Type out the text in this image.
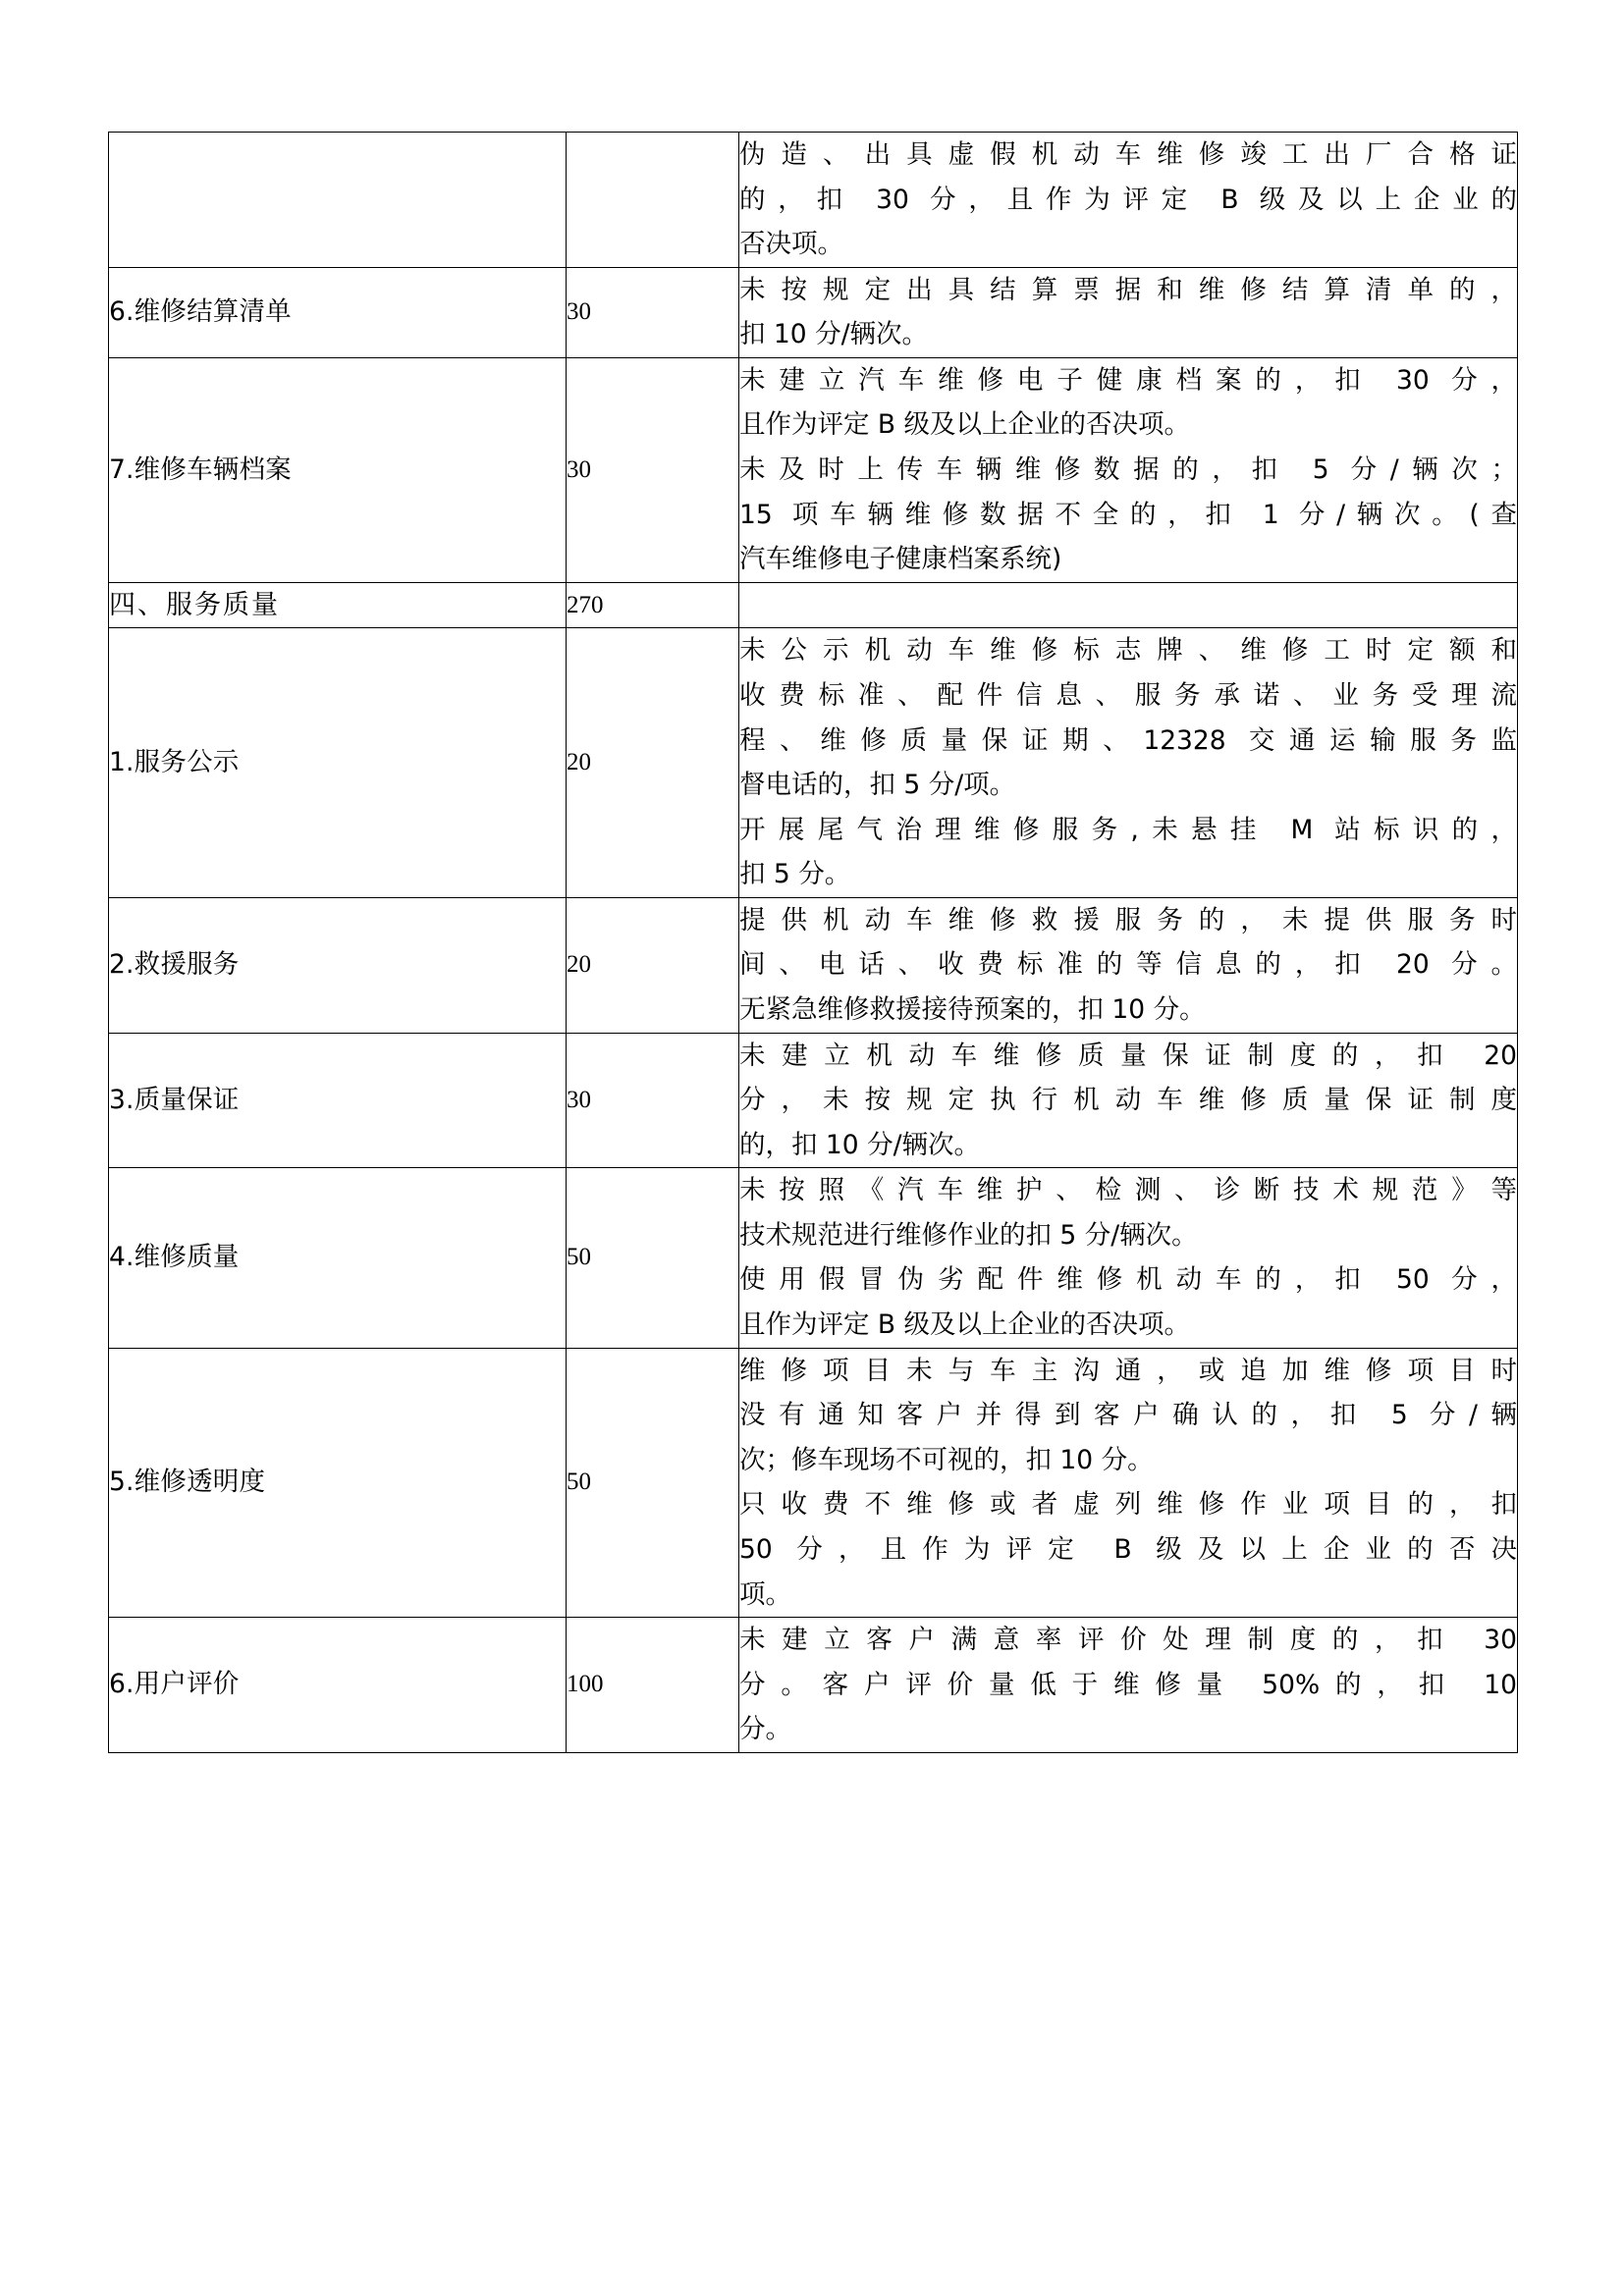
		伪造、出具虚假机动车维修竣工出厂合格证

的，扣 30 分，且作为评定 B 级及以上企业的

否决项。

6.维修结算清单	30	未按规定出具结算票据和维修结算清单的，

扣 10 分/辆次。

7.维修车辆档案	30	未建立汽车维修电子健康档案的，扣 30 分，

且作为评定 B 级及以上企业的否决项。

未及时上传车辆维修数据的，扣 5 分/辆次；

15 项车辆维修数据不全的，扣 1 分/辆次。(查

汽车维修电子健康档案系统)

四、服务质量	270	
1.服务公示	20	

未公示机动车维修标志牌、维修工时定额和

收费标准、配件信息、服务承诺、业务受理流

程、维修质量保证期、12328 交通运输服务监

督电话的，扣 5 分/项。

开展尾气治理维修服务,未悬挂 M 站标识的，

扣 5 分。

2.救援服务	20	提供机动车维修救援服务的，未提供服务时

间、电话、收费标准的等信息的，扣 20 分。

无紧急维修救援接待预案的，扣 10 分。

3.质量保证	30	未建立机动车维修质量保证制度的，扣 20

分，未按规定执行机动车维修质量保证制度

的，扣 10 分/辆次。

4.维修质量	50	未按照《汽车维护、检测、诊断技术规范》等

技术规范进行维修作业的扣 5 分/辆次。

使用假冒伪劣配件维修机动车的，扣 50 分，

且作为评定 B 级及以上企业的否决项。

5.维修透明度	50	

维修项目未与车主沟通，或追加维修项目时

没有通知客户并得到客户确认的，扣 5 分/辆

次；修车现场不可视的，扣 10 分。

只收费不维修或者虚列维修作业项目的，扣

50 分，且作为评定 B 级及以上企业的否决

项。

6.用户评价	100	未建立客户满意率评价处理制度的，扣 30

分。客户评价量低于维修量 50%的，扣 10

分。
